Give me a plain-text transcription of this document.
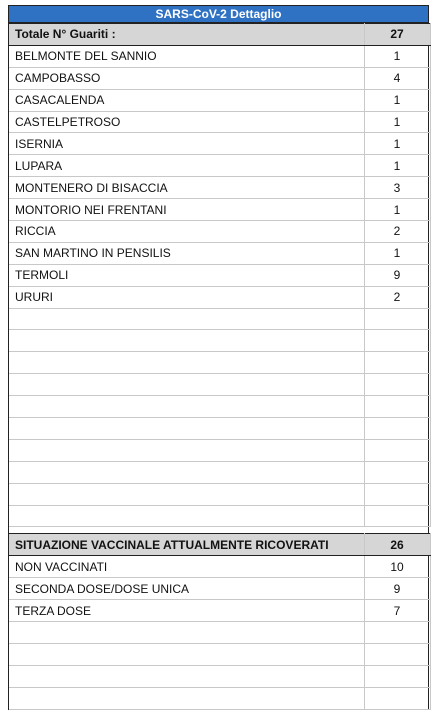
SARS-CoV-2 Dettaglio
Totale N° Guariti :	27
BELMONTE DEL SANNIO	1
CAMPOBASSO	4
CASACALENDA	1
CASTELPETROSO	1
ISERNIA	1
LUPARA	1
MONTENERO DI BISACCIA	3
MONTORIO NEI FRENTANI	1
RICCIA	2
SAN MARTINO IN PENSILIS	1
TERMOLI	9
URURI	2

SITUAZIONE VACCINALE ATTUALMENTE RICOVERATI	26
NON VACCINATI	10
SECONDA DOSE/DOSE UNICA	9
TERZA DOSE	7
